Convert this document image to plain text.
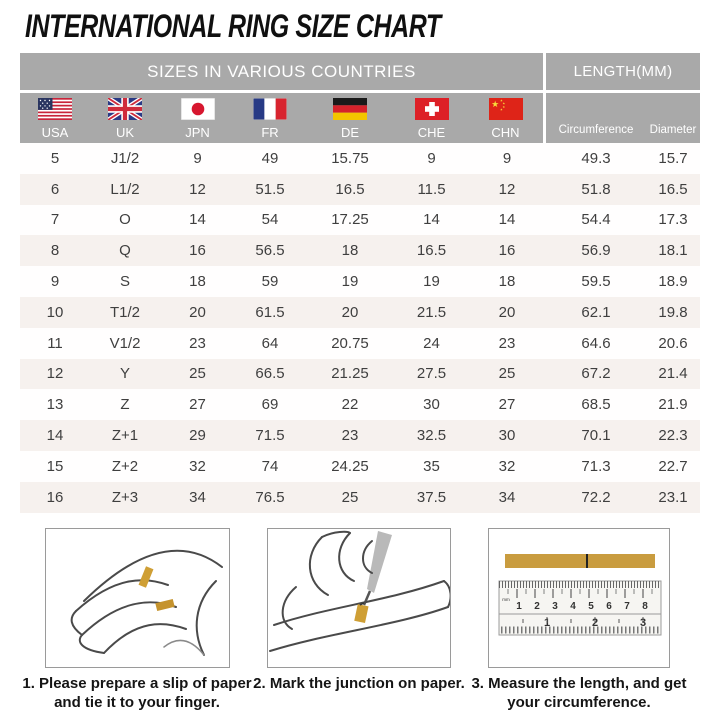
INTERNATIONAL RING SIZE CHART
SIZES IN VARIOUS COUNTRIES	LENGTH(MM)
USA	UK	JPN	FR	DE	CHE	CHN	Circumference	Diameter
5	J1/2	9	49	15.75	9	9	49.3	15.7
6	L1/2	12	51.5	16.5	11.5	12	51.8	16.5
7	O	14	54	17.25	14	14	54.4	17.3
8	Q	16	56.5	18	16.5	16	56.9	18.1
9	S	18	59	19	19	18	59.5	18.9
10	T1/2	20	61.5	20	21.5	20	62.1	19.8
11	V1/2	23	64	20.75	24	23	64.6	20.6
12	Y	25	66.5	21.25	27.5	25	67.2	21.4
13	Z	27	69	22	30	27	68.5	21.9
14	Z+1	29	71.5	23	32.5	30	70.1	22.3
15	Z+2	32	74	24.25	35	32	71.3	22.7
16	Z+3	34	76.5	25	37.5	34	72.2	23.1
1 2 3 4 5 6 7 8
mm
1	2	3
1. Please prepare a slip of paper and tie it to your finger.
2. Mark the junction on paper. 3. Measure the length, and get your circumference.
